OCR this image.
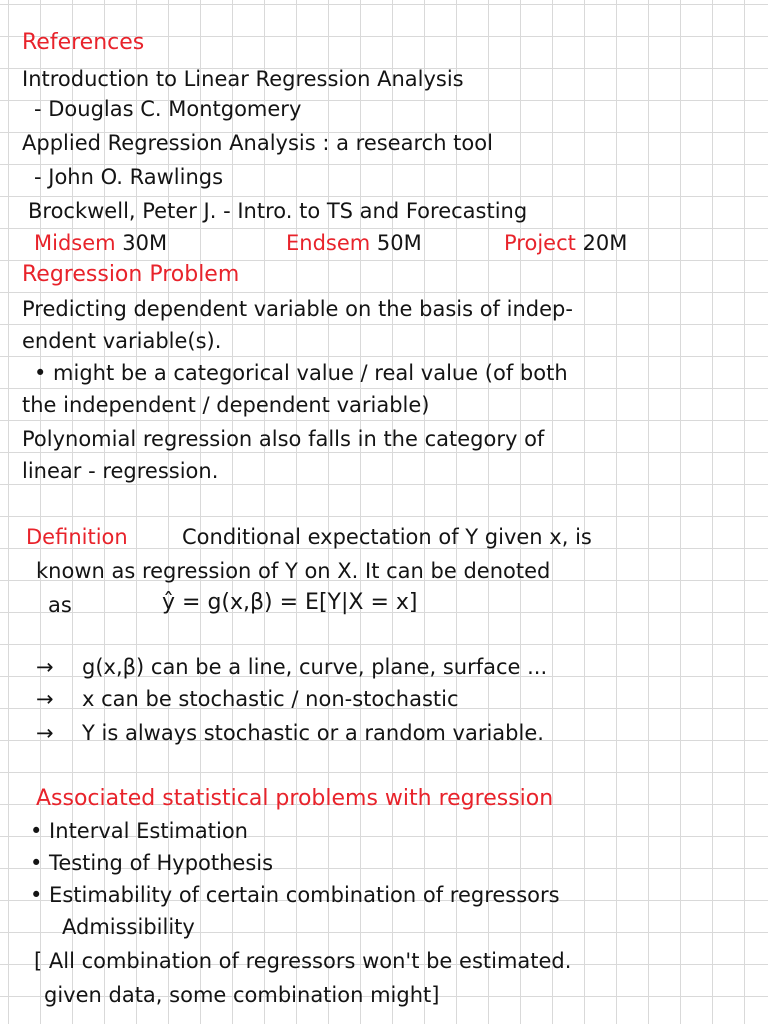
References
Introduction to Linear Regression Analysis
- Douglas C. Montgomery
Applied Regression Analysis : a research tool
- John O. Rawlings
Brockwell, Peter J. - Intro. to TS and Forecasting
Midsem 30M	Endsem 50M	Project 20M
Regression Problem
Predicting dependent variable on the basis of indep-
endent variable(s).
• might be a categorical value / real value (of both
the independent / dependent variable)
Polynomial regression also falls in the category of
linear - regression.
Definition	Conditional expectation of Y given x, is
known as regression of Y on X. It can be denoted
as	ŷ = g(x,β) = E[Y|X = x]
→ g(x,β) can be a line, curve, plane, surface ...
→ x can be stochastic / non-stochastic
→ Y is always stochastic or a random variable.
Associated statistical problems with regression
• Interval Estimation
• Testing of Hypothesis
• Estimability of certain combination of regressors
Admissibility
[ All combination of regressors won't be estimated.
given data, some combination might]
